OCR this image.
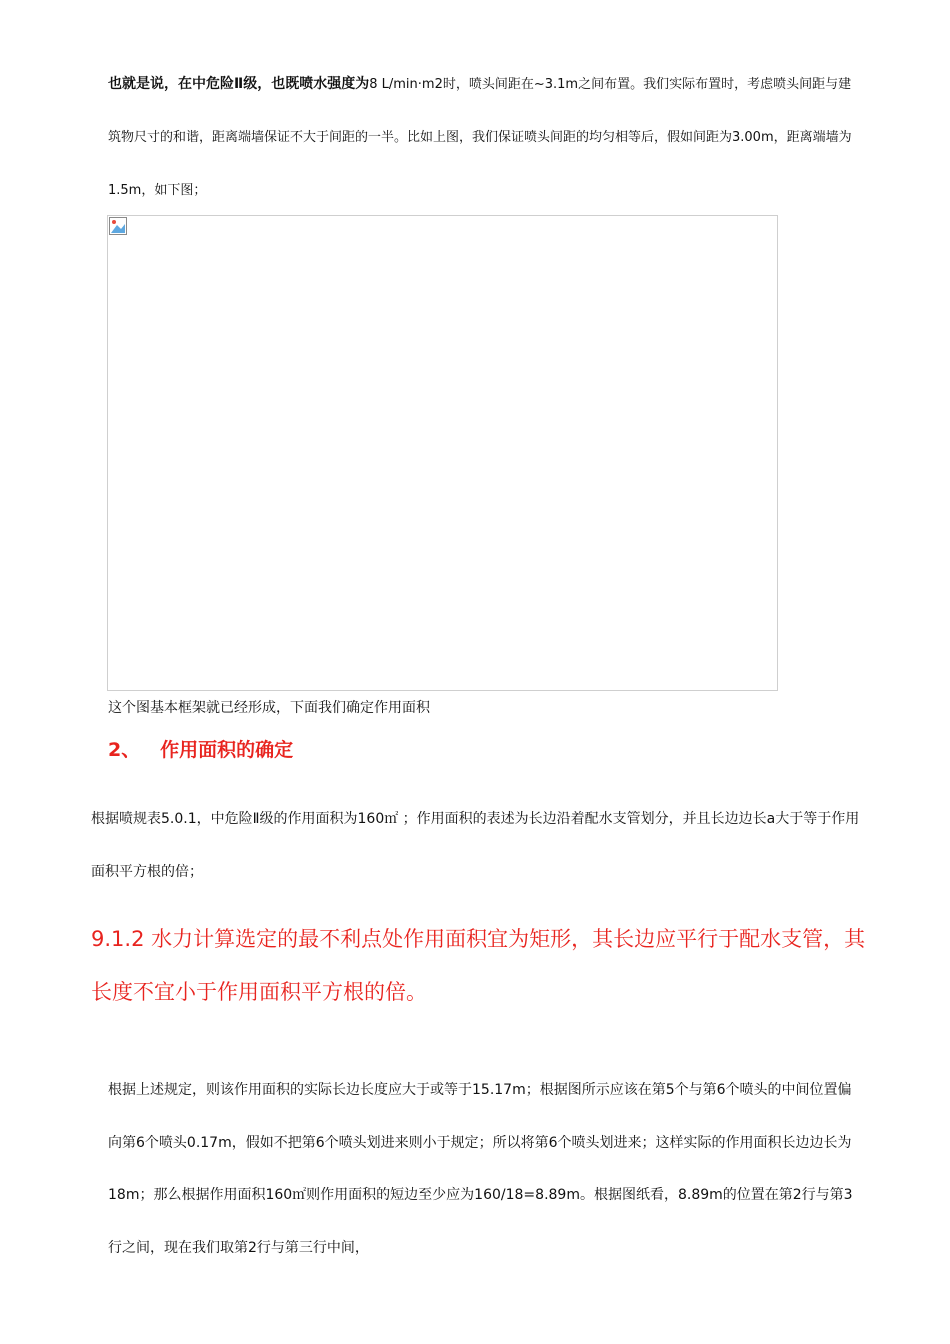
也就是说，在中危险Ⅱ级，也既喷水强度为8 L/min·m2时，喷头间距在~3.1m之间布置。我们实际布置时，考虑喷头间距与建筑物尺寸的和谐，距离端墙保证不大于间距的一半。比如上图，我们保证喷头间距的均匀相等后，假如间距为3.00m，距离端墙为1.5m，如下图；
这个图基本框架就已经形成，下面我们确定作用面积
2、   作用面积的确定
根据喷规表5.0.1，中危险Ⅱ级的作用面积为160㎡ ；作用面积的表述为长边沿着配水支管划分，并且长边边长a大于等于作用面积平方根的倍；
9.1.2 水力计算选定的最不利点处作用面积宜为矩形，其长边应平行于配水支管，其长度不宜小于作用面积平方根的倍。
根据上述规定，则该作用面积的实际长边长度应大于或等于15.17m；根据图所示应该在第5个与第6个喷头的中间位置偏向第6个喷头0.17m，假如不把第6个喷头划进来则小于规定；所以将第6个喷头划进来；这样实际的作用面积长边边长为18m；那么根据作用面积160㎡则作用面积的短边至少应为160/18=8.89m。根据图纸看，8.89m的位置在第2行与第3行之间，现在我们取第2行与第三行中间，
